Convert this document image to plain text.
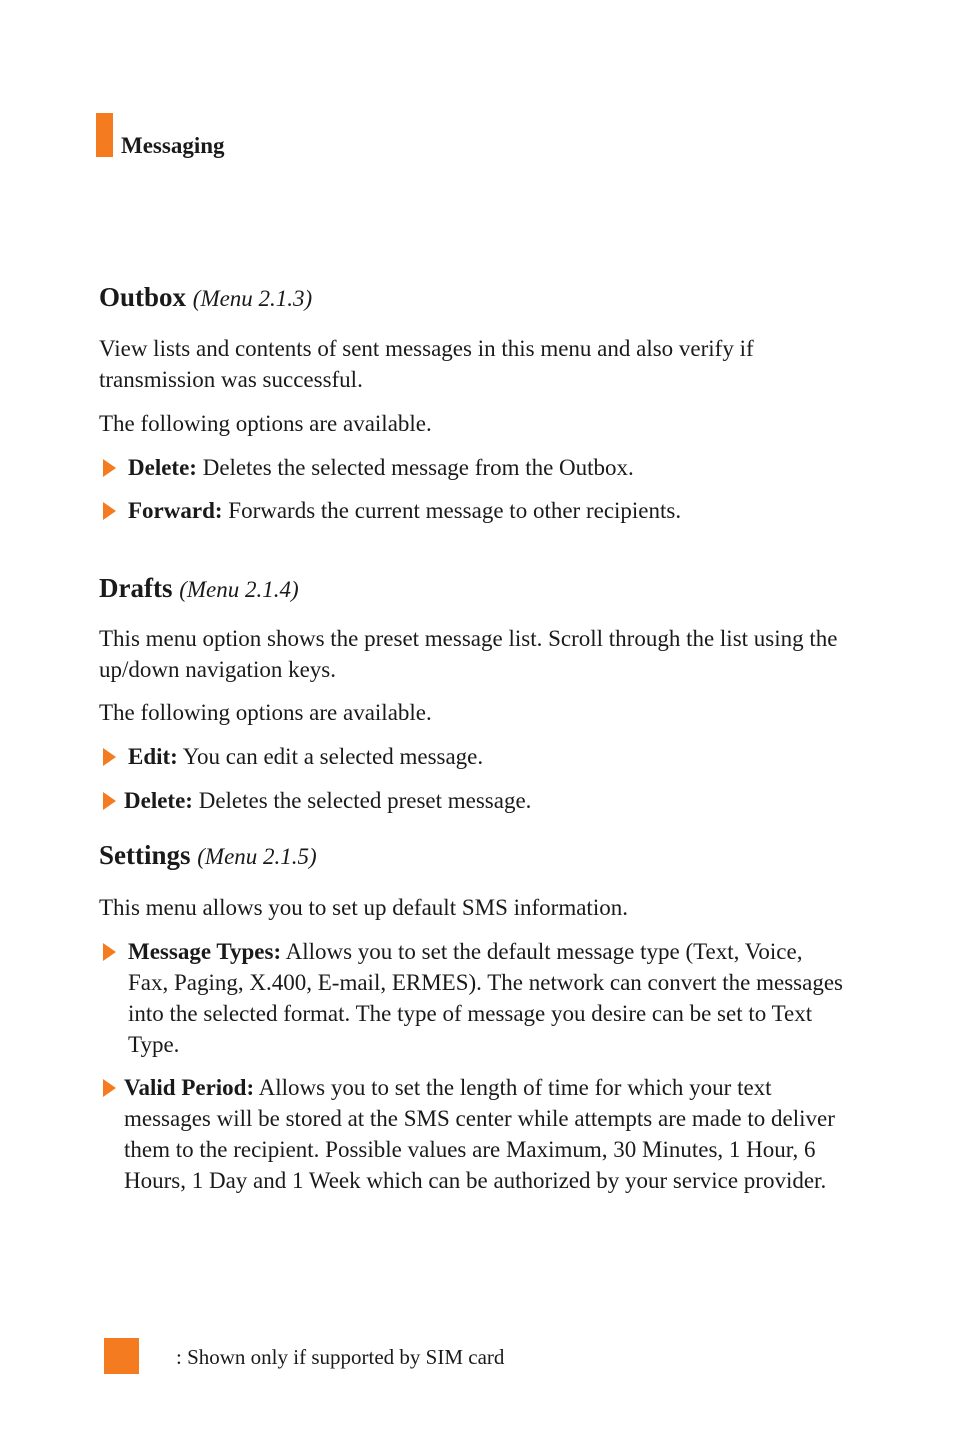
Messaging
Outbox (Menu 2.1.3)

View lists and contents of sent messages in this menu and also verify if transmission was successful.

The following options are available.

Delete: Deletes the selected message from the Outbox.
Forward: Forwards the current message to other recipients.
Drafts (Menu 2.1.4)

This menu option shows the preset message list. Scroll through the list using the up/down navigation keys.

The following options are available.

Edit: You can edit a selected message.
Delete: Deletes the selected preset message.
Settings (Menu 2.1.5)

This menu allows you to set up default SMS information.

Message Types: Allows you to set the default message type (Text, Voice, Fax, Paging, X.400, E-mail, ERMES). The network can convert the messages into the selected format. The type of message you desire can be set to Text Type.
Valid Period: Allows you to set the length of time for which your text messages will be stored at the SMS center while attempts are made to deliver them to the recipient. Possible values are Maximum, 30 Minutes, 1 Hour, 6 Hours, 1 Day and 1 Week which can be authorized by your service provider.
: Shown only if supported by SIM card
